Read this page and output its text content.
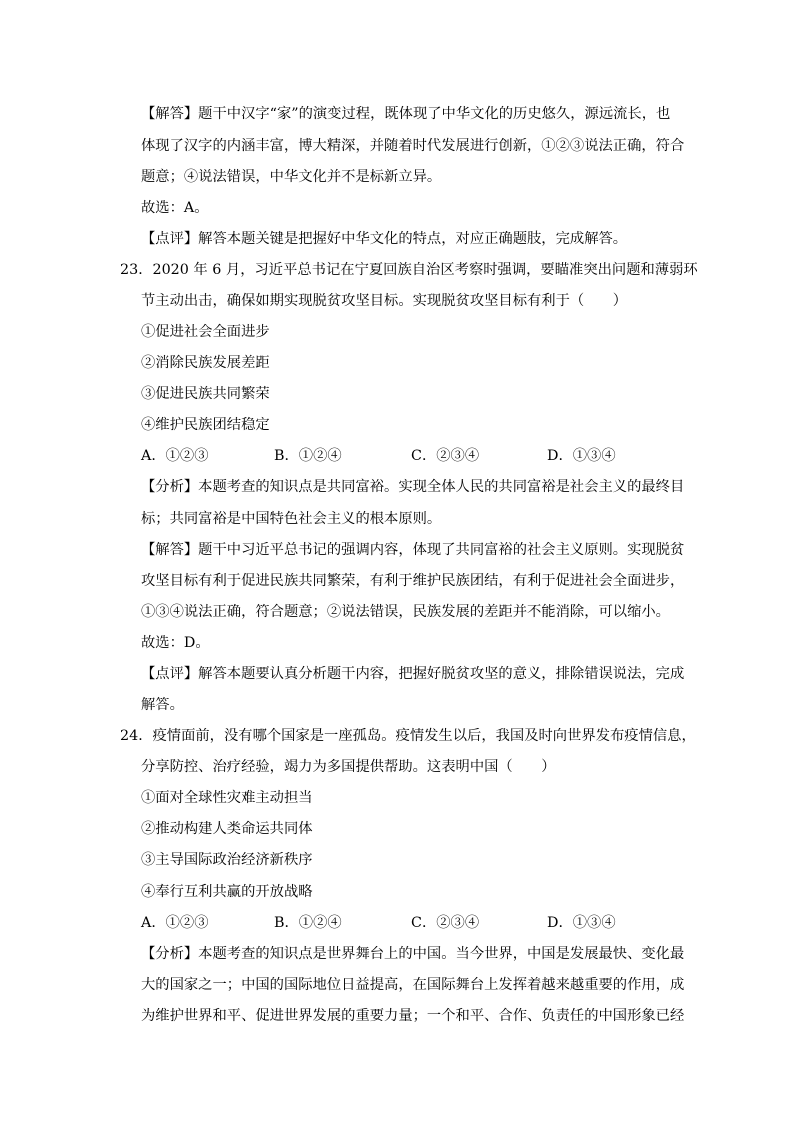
【解答】题干中汉字“家”的演变过程，既体现了中华文化的历史悠久，源远流长，也
体现了汉字的内涵丰富，博大精深，并随着时代发展进行创新，①②③说法正确，符合
题意；④说法错误，中华文化并不是标新立异。
故选：A。
【点评】解答本题关键是把握好中华文化的特点，对应正确题肢，完成解答。
23．2020 年 6 月，习近平总书记在宁夏回族自治区考察时强调，要瞄准突出问题和薄弱环
节主动出击，确保如期实现脱贫攻坚目标。实现脱贫攻坚目标有利于（　　）
①促进社会全面进步
②消除民族发展差距
③促进民族共同繁荣
④维护民族团结稳定
A．①②③	B．①②④	C．②③④	D．①③④
【分析】本题考查的知识点是共同富裕。实现全体人民的共同富裕是社会主义的最终目
标；共同富裕是中国特色社会主义的根本原则。
【解答】题干中习近平总书记的强调内容，体现了共同富裕的社会主义原则。实现脱贫
攻坚目标有利于促进民族共同繁荣，有利于维护民族团结，有利于促进社会全面进步，
①③④说法正确，符合题意；②说法错误，民族发展的差距并不能消除，可以缩小。
故选：D。
【点评】解答本题要认真分析题干内容，把握好脱贫攻坚的意义，排除错误说法，完成
解答。
24．疫情面前，没有哪个国家是一座孤岛。疫情发生以后，我国及时向世界发布疫情信息，
分享防控、治疗经验，竭力为多国提供帮助。这表明中国（　　）
①面对全球性灾难主动担当
②推动构建人类命运共同体
③主导国际政治经济新秩序
④奉行互利共赢的开放战略
A．①②③	B．①②④	C．②③④	D．①③④
【分析】本题考查的知识点是世界舞台上的中国。当今世界，中国是发展最快、变化最
大的国家之一；中国的国际地位日益提高，在国际舞台上发挥着越来越重要的作用，成
为维护世界和平、促进世界发展的重要力量；一个和平、合作、负责任的中国形象已经
